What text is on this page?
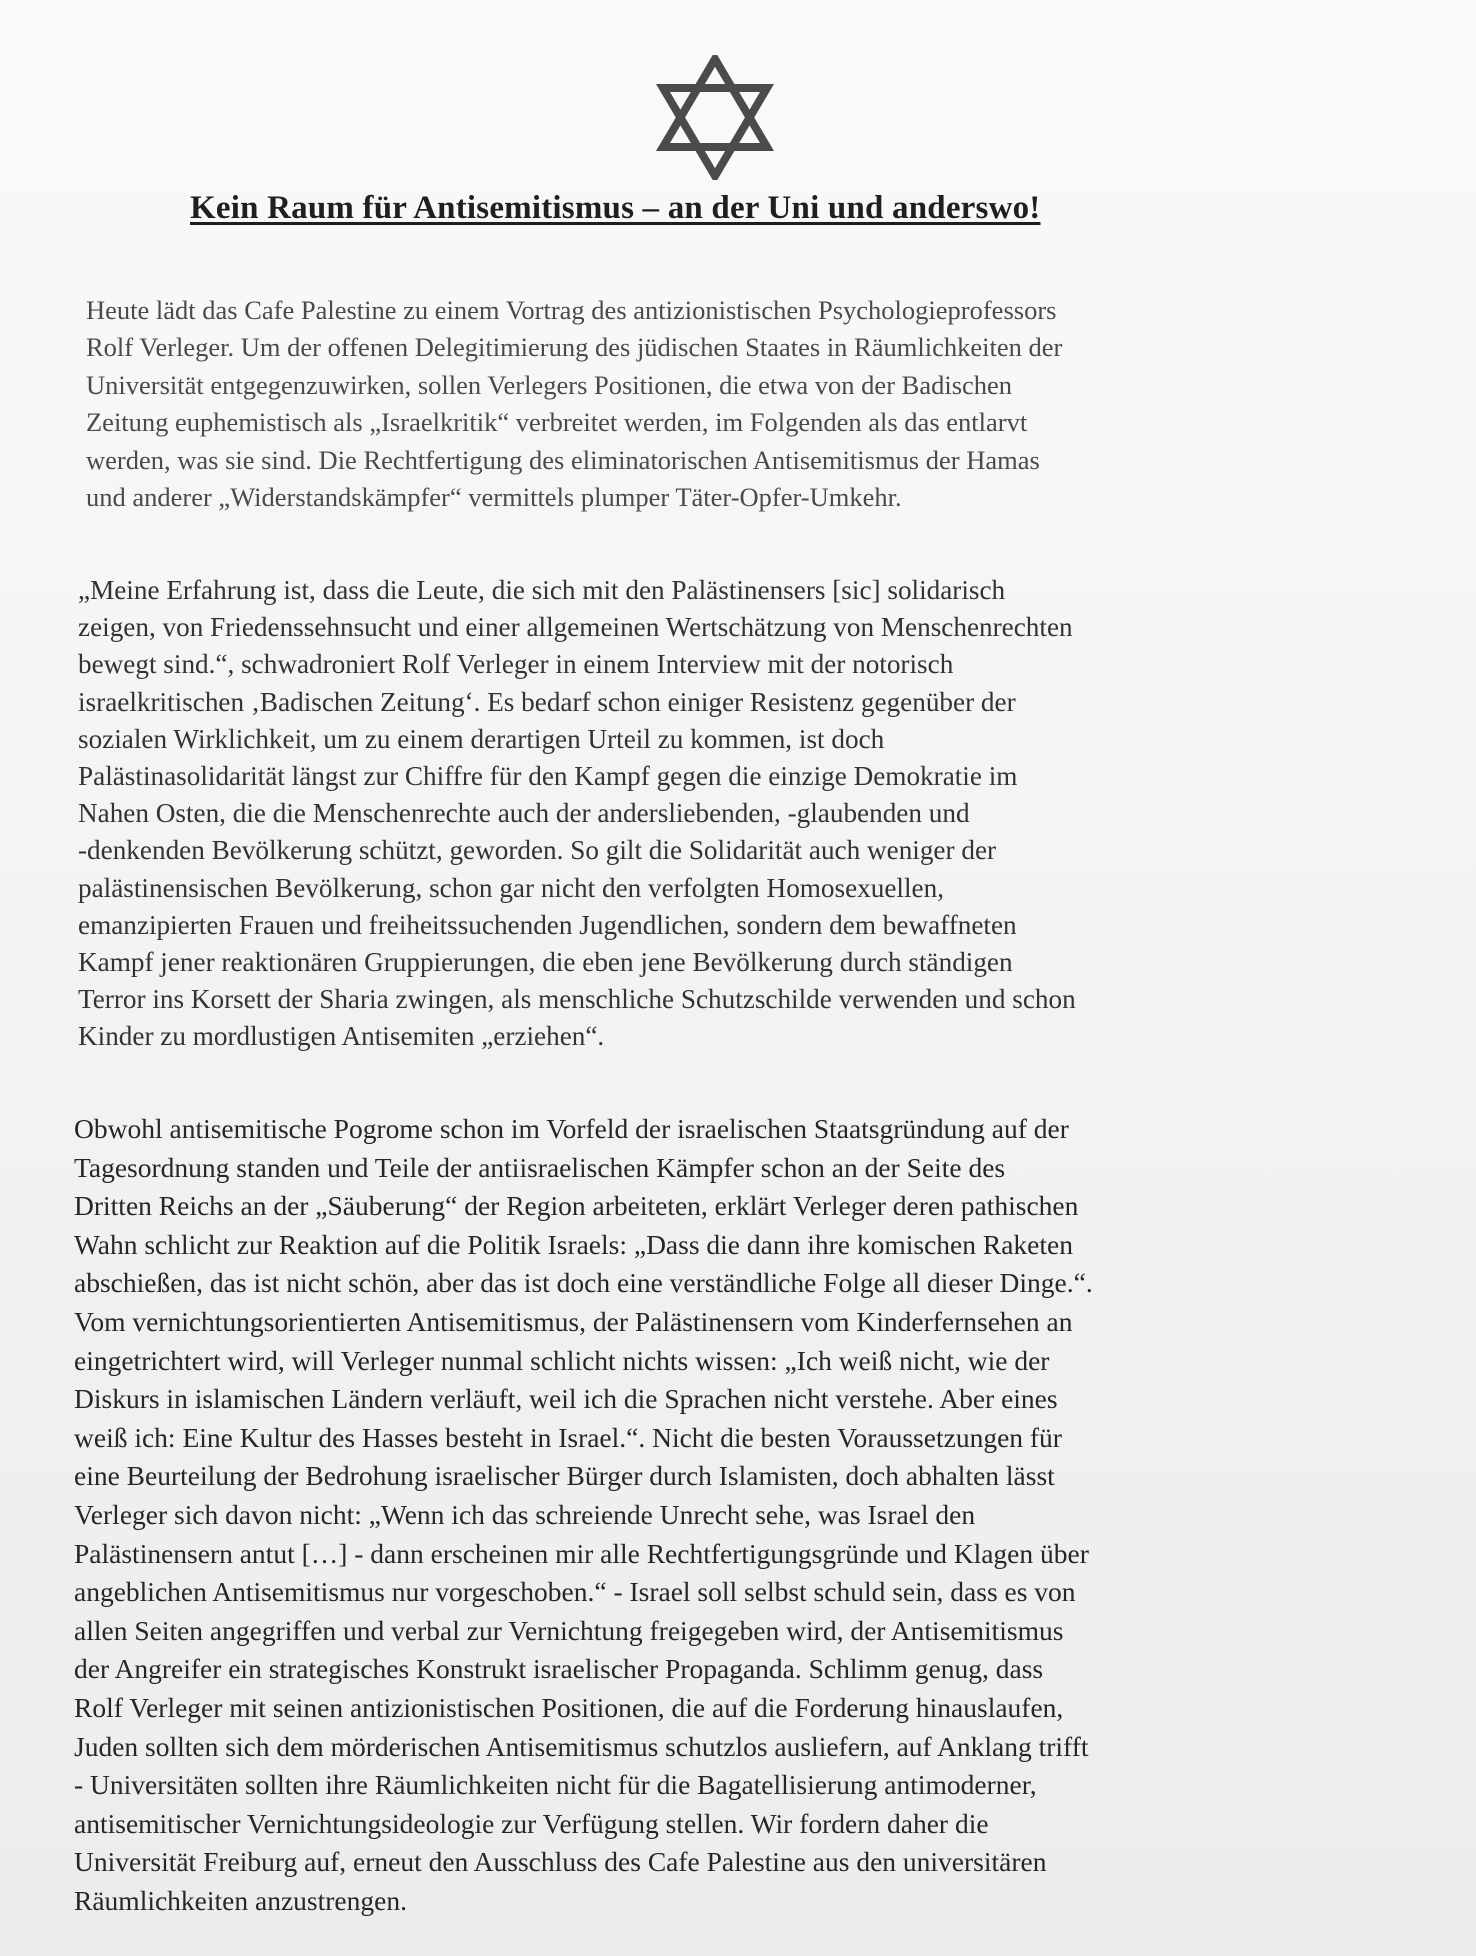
Kein Raum für Antisemitismus – an der Uni und anderswo!

Heute lädt das Cafe Palestine zu einem Vortrag des antizionistischen Psychologieprofessors
Rolf Verleger. Um der offenen Delegitimierung des jüdischen Staates in Räumlichkeiten der
Universität entgegenzuwirken, sollen Verlegers Positionen, die etwa von der Badischen
Zeitung euphemistisch als „Israelkritik“ verbreitet werden, im Folgenden als das entlarvt
werden, was sie sind. Die Rechtfertigung des eliminatorischen Antisemitismus der Hamas
und anderer „Widerstandskämpfer“ vermittels plumper Täter-Opfer-Umkehr.

„Meine Erfahrung ist, dass die Leute, die sich mit den Palästinensers [sic] solidarisch
zeigen, von Friedenssehnsucht und einer allgemeinen Wertschätzung von Menschenrechten
bewegt sind.“, schwadroniert Rolf Verleger in einem Interview mit der notorisch
israelkritischen ‚Badischen Zeitung‘. Es bedarf schon einiger Resistenz gegenüber der
sozialen Wirklichkeit, um zu einem derartigen Urteil zu kommen, ist doch
Palästinasolidarität längst zur Chiffre für den Kampf gegen die einzige Demokratie im
Nahen Osten, die die Menschenrechte auch der andersliebenden, -glaubenden und
-denkenden Bevölkerung schützt, geworden. So gilt die Solidarität auch weniger der
palästinensischen Bevölkerung, schon gar nicht den verfolgten Homosexuellen,
emanzipierten Frauen und freiheitssuchenden Jugendlichen, sondern dem bewaffneten
Kampf jener reaktionären Gruppierungen, die eben jene Bevölkerung durch ständigen
Terror ins Korsett der Sharia zwingen, als menschliche Schutzschilde verwenden und schon
Kinder zu mordlustigen Antisemiten „erziehen“.

Obwohl antisemitische Pogrome schon im Vorfeld der israelischen Staatsgründung auf der
Tagesordnung standen und Teile der antiisraelischen Kämpfer schon an der Seite des
Dritten Reichs an der „Säuberung“ der Region arbeiteten, erklärt Verleger deren pathischen
Wahn schlicht zur Reaktion auf die Politik Israels: „Dass die dann ihre komischen Raketen
abschießen, das ist nicht schön, aber das ist doch eine verständliche Folge all dieser Dinge.“.
Vom vernichtungsorientierten Antisemitismus, der Palästinensern vom Kinderfernsehen an
eingetrichtert wird, will Verleger nunmal schlicht nichts wissen: „Ich weiß nicht, wie der
Diskurs in islamischen Ländern verläuft, weil ich die Sprachen nicht verstehe. Aber eines
weiß ich: Eine Kultur des Hasses besteht in Israel.“. Nicht die besten Voraussetzungen für
eine Beurteilung der Bedrohung israelischer Bürger durch Islamisten, doch abhalten lässt
Verleger sich davon nicht: „Wenn ich das schreiende Unrecht sehe, was Israel den
Palästinensern antut […] - dann erscheinen mir alle Rechtfertigungsgründe und Klagen über
angeblichen Antisemitismus nur vorgeschoben.“ - Israel soll selbst schuld sein, dass es von
allen Seiten angegriffen und verbal zur Vernichtung freigegeben wird, der Antisemitismus
der Angreifer ein strategisches Konstrukt israelischer Propaganda. Schlimm genug, dass
Rolf Verleger mit seinen antizionistischen Positionen, die auf die Forderung hinauslaufen,
Juden sollten sich dem mörderischen Antisemitismus schutzlos ausliefern, auf Anklang trifft
- Universitäten sollten ihre Räumlichkeiten nicht für die Bagatellisierung antimoderner,
antisemitischer Vernichtungsideologie zur Verfügung stellen. Wir fordern daher die
Universität Freiburg auf, erneut den Ausschluss des Cafe Palestine aus den universitären
Räumlichkeiten anzustrengen.
